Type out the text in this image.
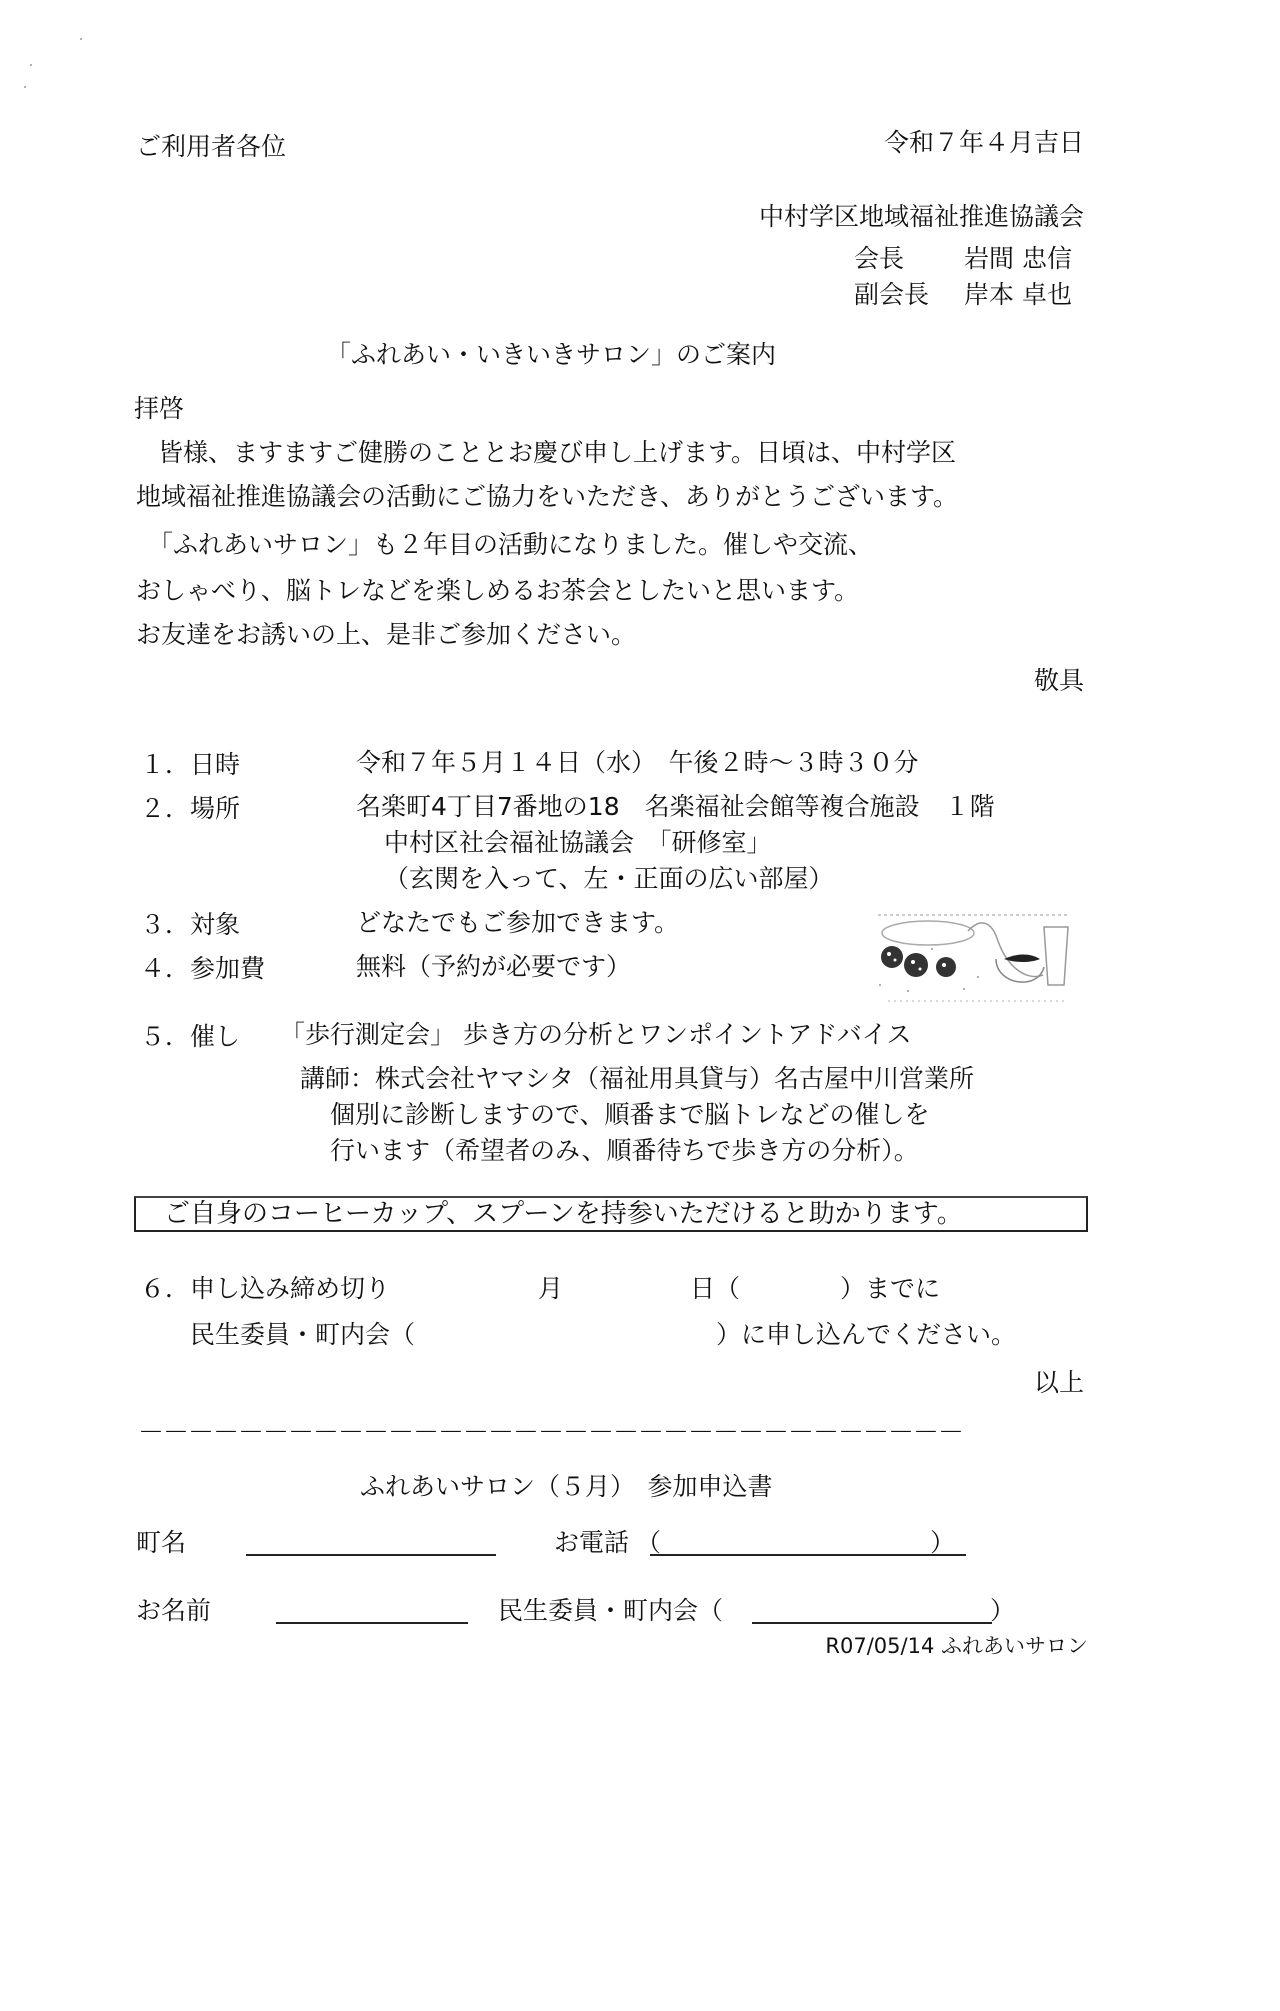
ご利用者各位	令和７年４月吉日
中村学区地域福祉推進協議会
会長 岩間 忠信
副会長 岸本 卓也
「ふれあい・いきいきサロン」のご案内
拝啓
皆様、ますますご健勝のこととお慶び申し上げます。日頃は、中村学区
地域福祉推進協議会の活動にご協力をいただき、ありがとうございます。
「ふれあいサロン」も２年目の活動になりました。催しや交流、
おしゃべり、脳トレなどを楽しめるお茶会としたいと思います。
お友達をお誘いの上、是非ご参加ください。
敬具
１． 日時	令和７年５月１４日（水）　午後２時～３時３０分
２． 場所	名楽町4丁目7番地の18　名楽福祉会館等複合施設　１階
中村区社会福祉協議会　「研修室」
（玄関を入って、左・正面の広い部屋）
３． 対象	どなたでもご参加できます。
４． 参加費	無料（予約が必要です）
５． 催し 「歩行測定会」 歩き方の分析とワンポイントアドバイス
講師：株式会社ヤマシタ（福祉用具貸与）名古屋中川営業所
個別に診断しますので、順番まで脳トレなどの催しを
行います（希望者のみ、順番待ちで歩き方の分析）。
ご自身のコーヒーカップ、スプーンを持参いただけると助かります。
６． 申し込み締め切り	月	日（	）までに
民生委員・町内会（	）に申し込んでください。
以上
－－－－－－－－－－－－－－－－－－－－－－－－－－－－－－－－－
ふれあいサロン（５月）　参加申込書
町名	お電話 （	）
お名前	民生委員・町内会（	）
R07/05/14 ふれあいサロン
